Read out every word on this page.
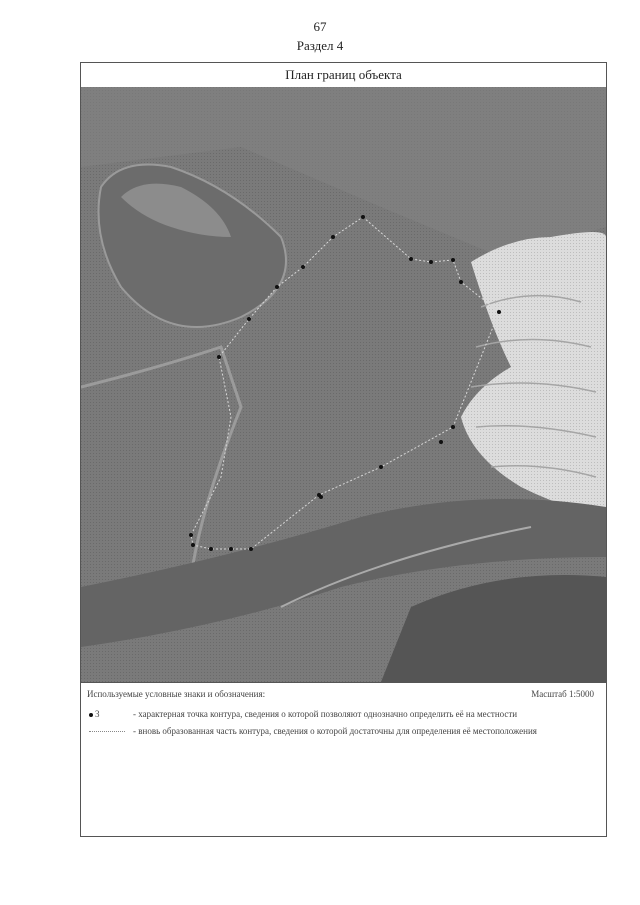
67
Раздел 4
План границ объекта
Используемые условные знаки и обозначения:	Масштаб 1:5000
3	- характерная точка контура, сведения о которой позволяют однозначно определить её на местности
- вновь образованная часть контура, сведения о которой достаточны для определения её местоположения
